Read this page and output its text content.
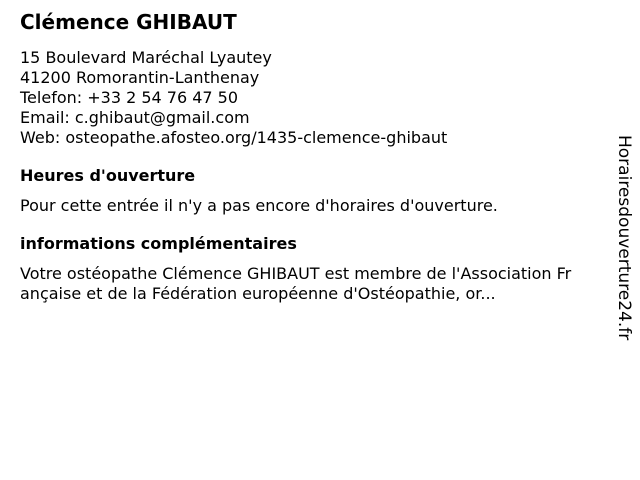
Clémence GHIBAUT
15 Boulevard Maréchal Lyautey
41200 Romorantin-Lanthenay
Telefon: +33 2 54 76 47 50
Email: c.ghibaut@gmail.com
Web: osteopathe.afosteo.org/1435-clemence-ghibaut
Heures d'ouverture
Pour cette entrée il n'y a pas encore d'horaires d'ouverture.
informations complémentaires
Votre ostéopathe Clémence GHIBAUT est membre de l'Association Française et de la Fédération européenne d'Ostéopathie, or...	Horairesdouverture24.fr
